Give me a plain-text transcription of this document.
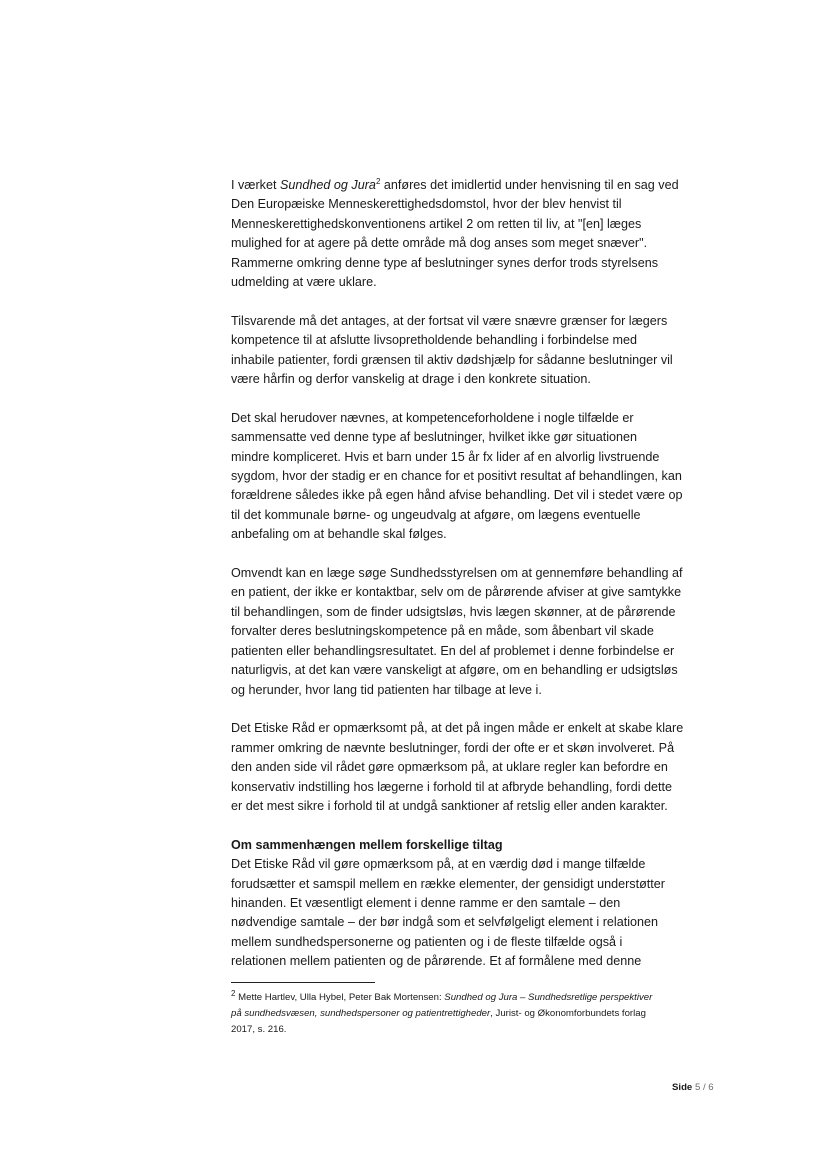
I værket Sundhed og Jura$^2$ anføres det imidlertid under henvisning til en sag ved
Den Europæiske Menneskerettighedsdomstol, hvor der blev henvist til
Menneskerettighedskonventionens artikel 2 om retten til liv, at "[en] læges
mulighed for at agere på dette område må dog anses som meget snæver".
Rammerne omkring denne type af beslutninger synes derfor trods styrelsens
udmelding at være uklare.

Tilsvarende må det antages, at der fortsat vil være snævre grænser for lægers
kompetence til at afslutte livsopretholdende behandling i forbindelse med
inhabile patienter, fordi grænsen til aktiv dødshjælp for sådanne beslutninger vil
være hårfin og derfor vanskelig at drage i den konkrete situation.

Det skal herudover nævnes, at kompetenceforholdene i nogle tilfælde er
sammensatte ved denne type af beslutninger, hvilket ikke gør situationen
mindre kompliceret. Hvis et barn under 15 år fx lider af en alvorlig livstruende
sygdom, hvor der stadig er en chance for et positivt resultat af behandlingen, kan
forældrene således ikke på egen hånd afvise behandling. Det vil i stedet være op
til det kommunale børne- og ungeudvalg at afgøre, om lægens eventuelle
anbefaling om at behandle skal følges.

Omvendt kan en læge søge Sundhedsstyrelsen om at gennemføre behandling af
en patient, der ikke er kontaktbar, selv om de pårørende afviser at give samtykke
til behandlingen, som de finder udsigtsløs, hvis lægen skønner, at de pårørende
forvalter deres beslutningskompetence på en måde, som åbenbart vil skade
patienten eller behandlingsresultatet. En del af problemet i denne forbindelse er
naturligvis, at det kan være vanskeligt at afgøre, om en behandling er udsigtsløs
og herunder, hvor lang tid patienten har tilbage at leve i.

Det Etiske Råd er opmærksomt på, at det på ingen måde er enkelt at skabe klare
rammer omkring de nævnte beslutninger, fordi der ofte er et skøn involveret. På
den anden side vil rådet gøre opmærksom på, at uklare regler kan befordre en
konservativ indstilling hos lægerne i forhold til at afbryde behandling, fordi dette
er det mest sikre i forhold til at undgå sanktioner af retslig eller anden karakter.

Om sammenhængen mellem forskellige tiltag
Det Etiske Råd vil gøre opmærksom på, at en værdig død i mange tilfælde
forudsætter et samspil mellem en række elementer, der gensidigt understøtter
hinanden. Et væsentligt element i denne ramme er den samtale – den
nødvendige samtale – der bør indgå som et selvfølgeligt element i relationen
mellem sundhedspersonerne og patienten og i de fleste tilfælde også i
relationen mellem patienten og de pårørende. Et af formålene med denne

$^2$ Mette Hartlev, Ulla Hybel, Peter Bak Mortensen: Sundhed og Jura – Sundhedsretlige perspektiver
på sundhedsvæsen, sundhedspersoner og patientrettigheder, Jurist- og Økonomforbundets forlag
2017, s. 216.
Side 5 / 6
